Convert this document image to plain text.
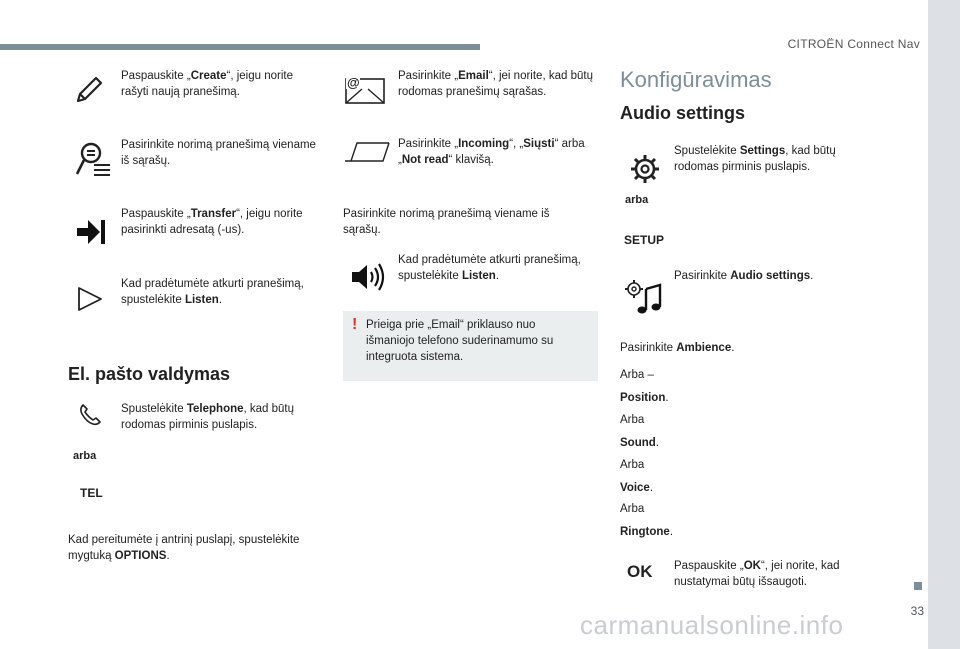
CITROËN Connect Nav
33
Paspauskite „Create“, jeigu norite rašyti naują pranešimą.
Pasirinkite norimą pranešimą viename iš sąrašų.
Paspauskite „Transfer“, jeigu norite pasirinkti adresatą (-us).
Kad pradėtumėte atkurti pranešimą, spustelėkite Listen.
El. pašto valdymas
Spustelėkite Telephone, kad būtų rodomas pirminis puslapis.
arba
TEL
Kad pereitumėte į antrinį puslapį, spustelėkite mygtuką OPTIONS.
@	Pasirinkite „Email“, jei norite, kad būtų rodomas pranešimų sąrašas.
Pasirinkite „Incoming“, „Siųsti“ arba „Not read“ klavišą.
Pasirinkite norimą pranešimą viename iš sąrašų.
Kad pradėtumėte atkurti pranešimą, spustelėkite Listen.
! Prieiga prie „Email“ priklauso nuo išmaniojo telefono suderinamumo su integruota sistema.
Konfigūravimas
Audio settings
Spustelėkite Settings, kad būtų rodomas pirminis puslapis.
arba
SETUP
Pasirinkite Audio settings.
Pasirinkite Ambience.
Arba –
Position.
Arba
Sound.
Arba
Voice.
Arba
Ringtone.
OK Paspauskite „OK“, jei norite, kad nustatymai būtų išsaugoti.
carmanualsonline.info
